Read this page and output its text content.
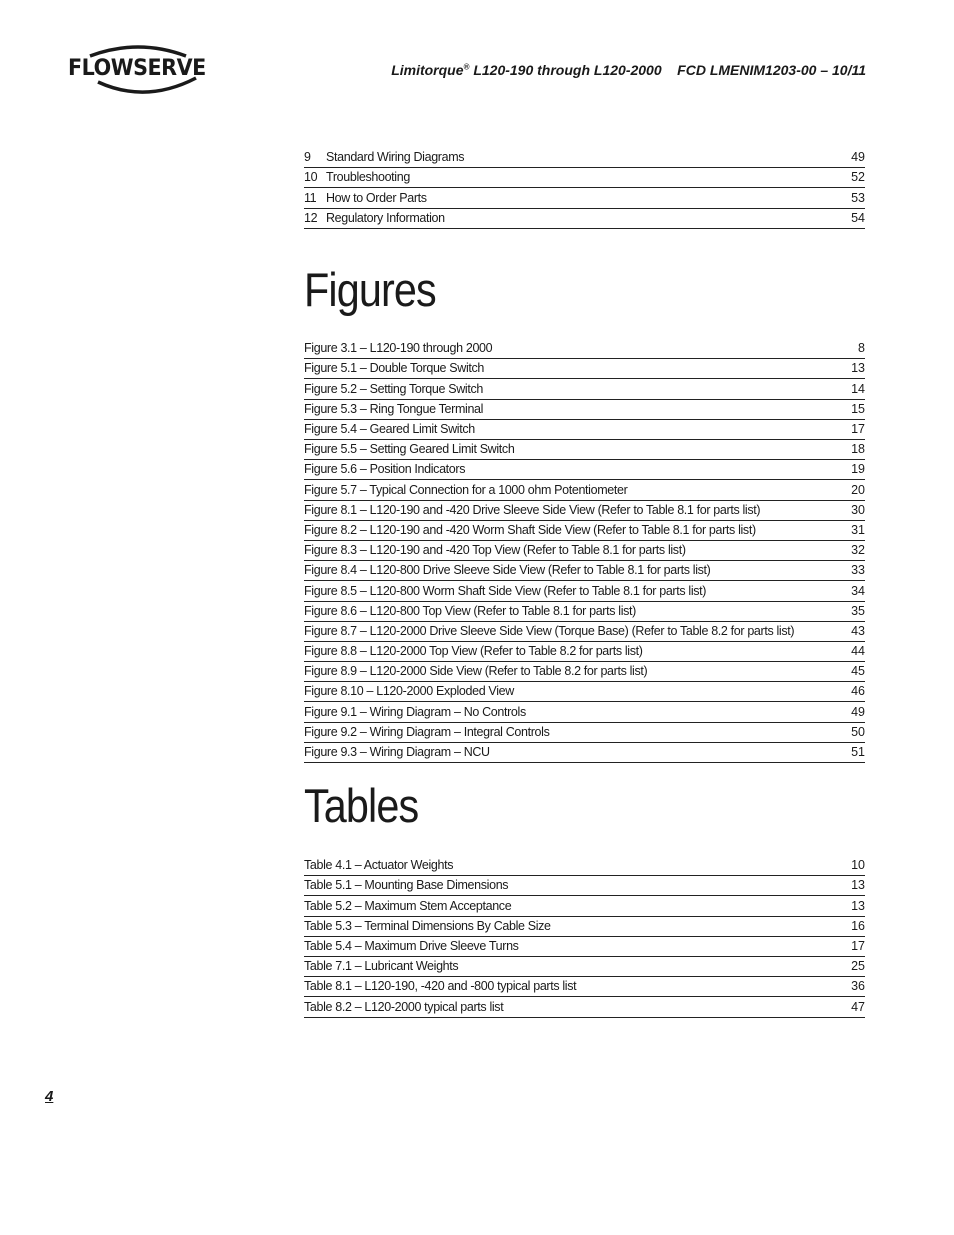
FLOWSERVE	Limitorque® L120-190 through L120-2000    FCD LMENIM1203-00 – 10/11
9 Standard Wiring Diagrams	49
10 Troubleshooting	52
11 How to Order Parts	53
12 Regulatory Information	54
Figures
Figure 3.1 – L120-190 through 2000	8
Figure 5.1 – Double Torque Switch	13
Figure 5.2 – Setting Torque Switch	14
Figure 5.3 – Ring Tongue Terminal	15
Figure 5.4 – Geared Limit Switch	17
Figure 5.5 – Setting Geared Limit Switch	18
Figure 5.6 – Position Indicators	19
Figure 5.7 – Typical Connection for a 1000 ohm Potentiometer	20
Figure 8.1 – L120-190 and -420 Drive Sleeve Side View (Refer to Table 8.1 for parts list)	30
Figure 8.2 – L120-190 and -420 Worm Shaft Side View (Refer to Table 8.1 for parts list)	31
Figure 8.3 – L120-190 and -420 Top View (Refer to Table 8.1 for parts list)	32
Figure 8.4 – L120-800 Drive Sleeve Side View (Refer to Table 8.1 for parts list)	33
Figure 8.5 – L120-800 Worm Shaft Side View (Refer to Table 8.1 for parts list)	34
Figure 8.6 – L120-800 Top View (Refer to Table 8.1 for parts list)	35
Figure 8.7 – L120-2000 Drive Sleeve Side View (Torque Base) (Refer to Table 8.2 for parts list)	43
Figure 8.8 – L120-2000 Top View (Refer to Table 8.2 for parts list)	44
Figure 8.9 – L120-2000 Side View (Refer to Table 8.2 for parts list)	45
Figure 8.10 – L120-2000 Exploded View	46
Figure 9.1 – Wiring Diagram – No Controls	49
Figure 9.2 – Wiring Diagram – Integral Controls	50
Figure 9.3 – Wiring Diagram – NCU	51
Tables
Table 4.1 – Actuator Weights	10
Table 5.1 – Mounting Base Dimensions	13
Table 5.2 – Maximum Stem Acceptance	13
Table 5.3 – Terminal Dimensions By Cable Size	16
Table 5.4 – Maximum Drive Sleeve Turns	17
Table 7.1 – Lubricant Weights	25
Table 8.1 – L120-190, -420 and -800 typical parts list	36
Table 8.2 – L120-2000 typical parts list	47
4
